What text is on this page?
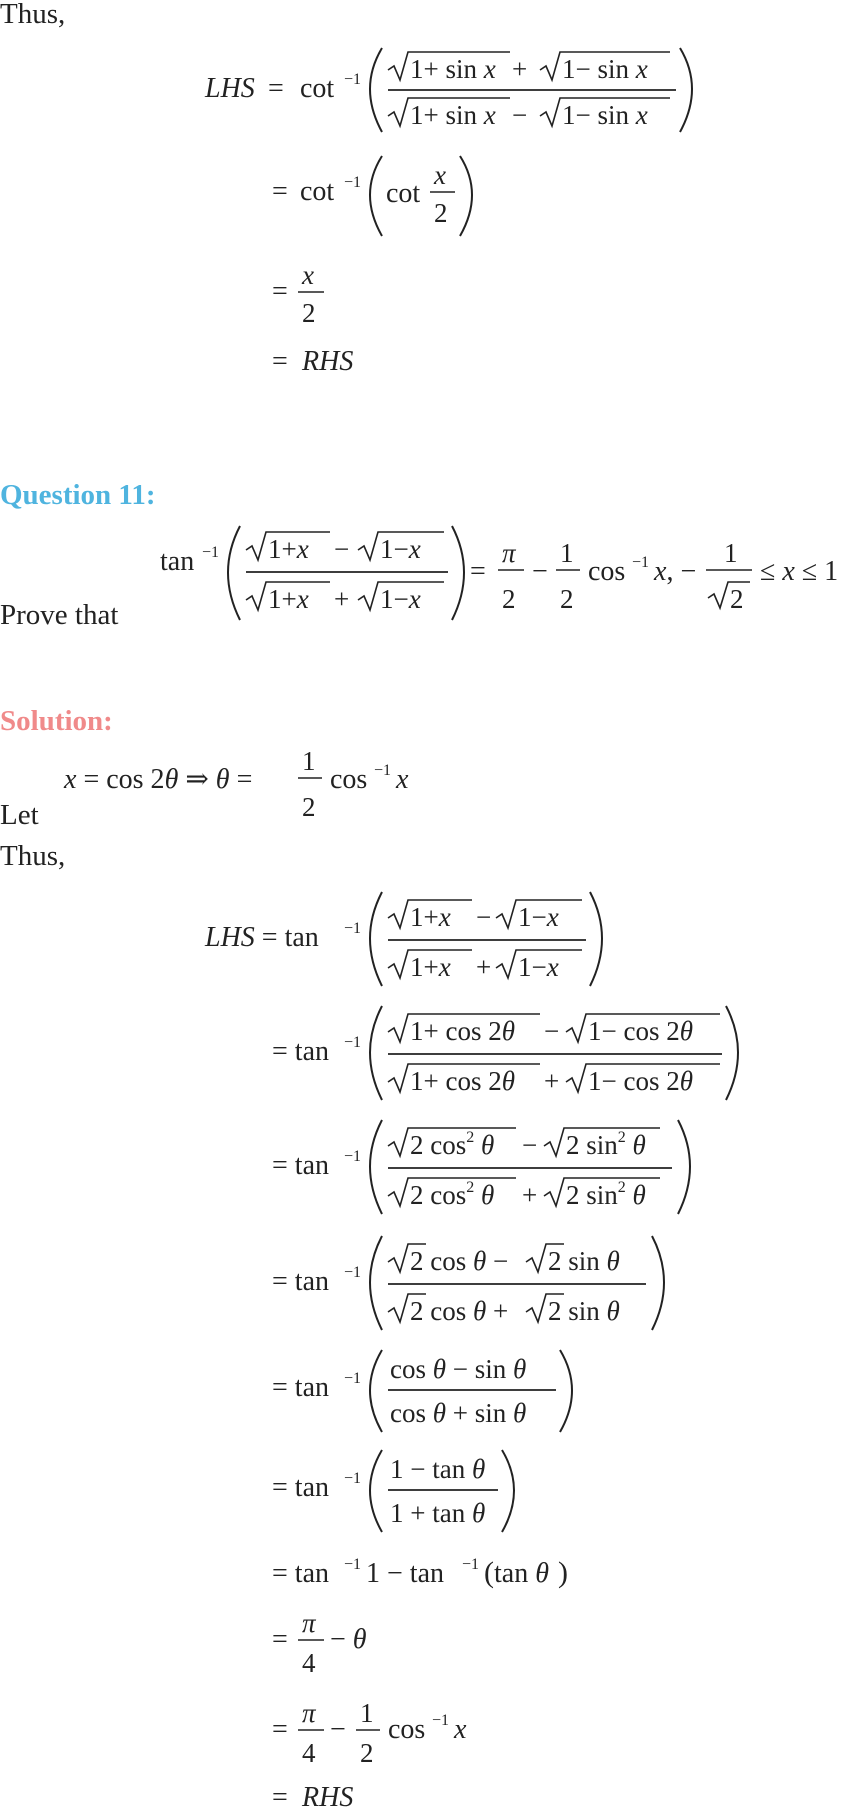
Thus,
LHS = cot −1 1+ sin x + 1− sin x
1+ sin x − 1− sin x
= cot −1 cot
x
2
=
x
2
= RHS
Question 11:
tan −1 1+x − 1−x
1+x + 1−x
=
π
2
−
1
2
cos −1 x, −
1
2
≤ x ≤ 1
Prove that
Solution:
x = cos 2θ ⇒ θ =
1
2
cos −1 x
Let
Thus,
LHS = tan −1 1+x − 1−x
1+x + 1−x
= tan −1 1+ cos 2θ − 1− cos 2θ
1+ cos 2θ + 1− cos 2θ
= tan −1 2 $\cos^2 \theta - 2$ $\sin^2 \theta$
2 $\cos^2 \theta + 2$ $\sin^2 \theta$
= tan −1 2 cos θ − 2 sin θ
2 cos θ + 2 sin θ
= tan −1 cos θ − sin θ
cos θ + sin θ
= tan −1 1 − tan θ
1 + tan θ
= tan −1 1 − tan −1 ( tan θ )
=
π
4
− θ
=
π
4
−
1
2
cos −1 x
= RHS
